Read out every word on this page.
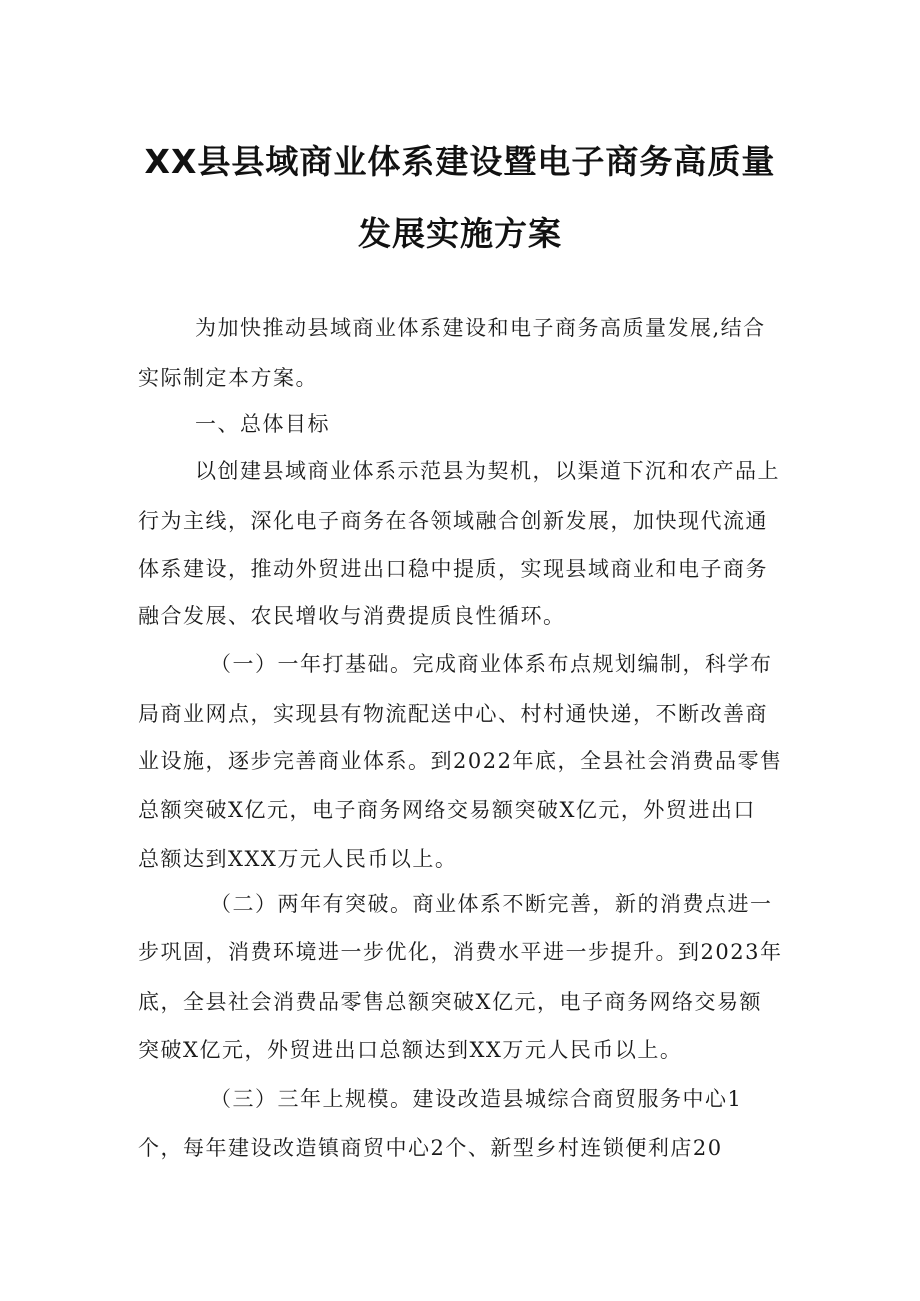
XX县县域商业体系建设暨电子商务高质量
发展实施方案
为加快推动县域商业体系建设和电子商务高质量发展,结合
实际制定本方案。
一、总体目标
以创建县域商业体系示范县为契机，以渠道下沉和农产品上
行为主线，深化电子商务在各领域融合创新发展，加快现代流通
体系建设，推动外贸进出口稳中提质，实现县域商业和电子商务
融合发展、农民增收与消费提质良性循环。
（一）一年打基础。完成商业体系布点规划编制，科学布
局商业网点，实现县有物流配送中心、村村通快递，不断改善商
业设施，逐步完善商业体系。到2022年底，全县社会消费品零售
总额突破X亿元，电子商务网络交易额突破X亿元，外贸进出口
总额达到XXX万元人民币以上。
（二）两年有突破。商业体系不断完善，新的消费点进一
步巩固，消费环境进一步优化，消费水平进一步提升。到2023年
底，全县社会消费品零售总额突破X亿元，电子商务网络交易额
突破X亿元，外贸进出口总额达到XX万元人民币以上。
（三）三年上规模。建设改造县城综合商贸服务中心1
个，每年建设改造镇商贸中心2个、新型乡村连锁便利店20
